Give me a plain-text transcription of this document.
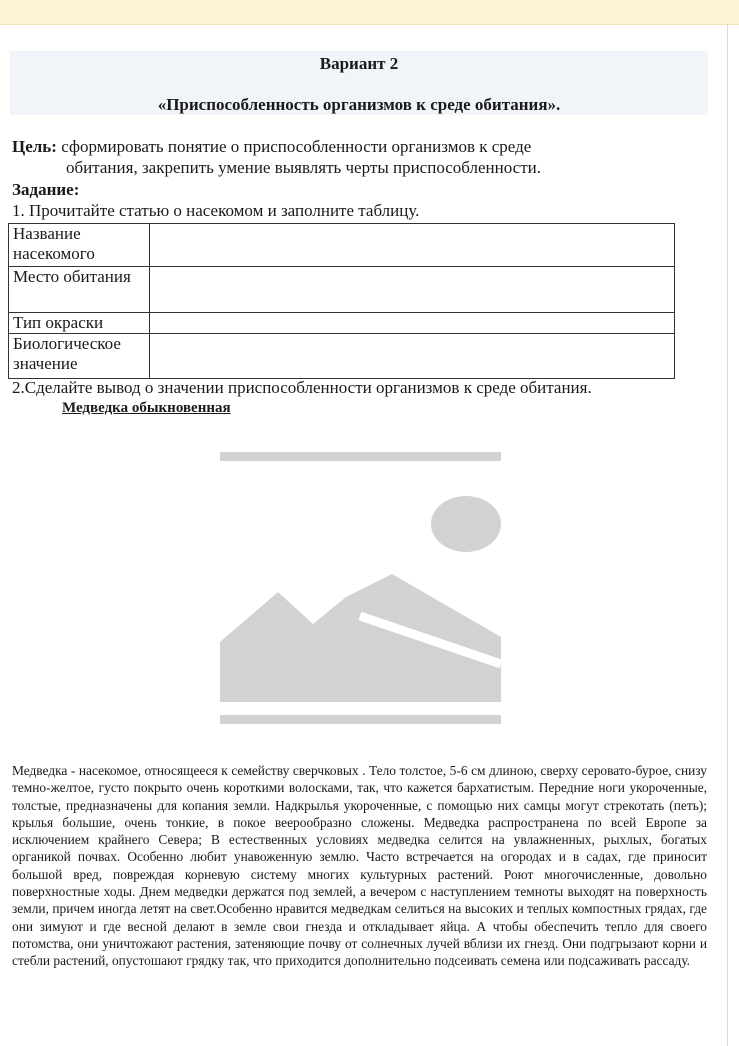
Вариант 2
«Приспособленность организмов к среде обитания».
Цель: сформировать понятие о приспособленности организмов к среде
обитания, закрепить умение выявлять черты приспособленности.
Задание:
1. Прочитайте статью о насекомом и заполните таблицу.
Название насекомого	
Место обитания	
Тип окраски	
Биологическое значение	
2.Сделайте вывод о значении приспособленности организмов к среде обитания.
Медведка обыкновенная
Медведка - насекомое, относящееся к семейству сверчковых . Тело толстое, 5-6 см длиною, сверху серовато-бурое, снизу темно-желтое, густо покрыто очень короткими волосками, так, что кажется бархатистым. Передние ноги укороченные, толстые, предназначены для копания земли. Надкрылья укороченные, с помощью них самцы могут стрекотать (петь); крылья большие, очень тонкие, в покое веерообразно сложены. Медведка распространена по всей Европе за исключением крайнего Севера; В естественных условиях медведка селится на увлажненных, рыхлых, богатых органикой почвах. Особенно любит унавоженную землю. Часто встречается на огородах и в садах, где приносит большой вред, повреждая корневую систему многих культурных растений. Роют многочисленные, довольно поверхностные ходы. Днем медведки держатся под землей, а вечером с наступлением темноты выходят на поверхность земли, причем иногда летят на свет.Особенно нравится медведкам селиться на высоких и теплых компостных грядах, где они зимуют и где весной делают в земле свои гнезда и откладывает яйца. А чтобы обеспечить тепло для своего потомства, они уничтожают растения, затеняющие почву от солнечных лучей вблизи их гнезд. Они подгрызают корни и стебли растений, опустошают грядку так, что приходится дополнительно подсеивать семена или подсаживать рассаду.
